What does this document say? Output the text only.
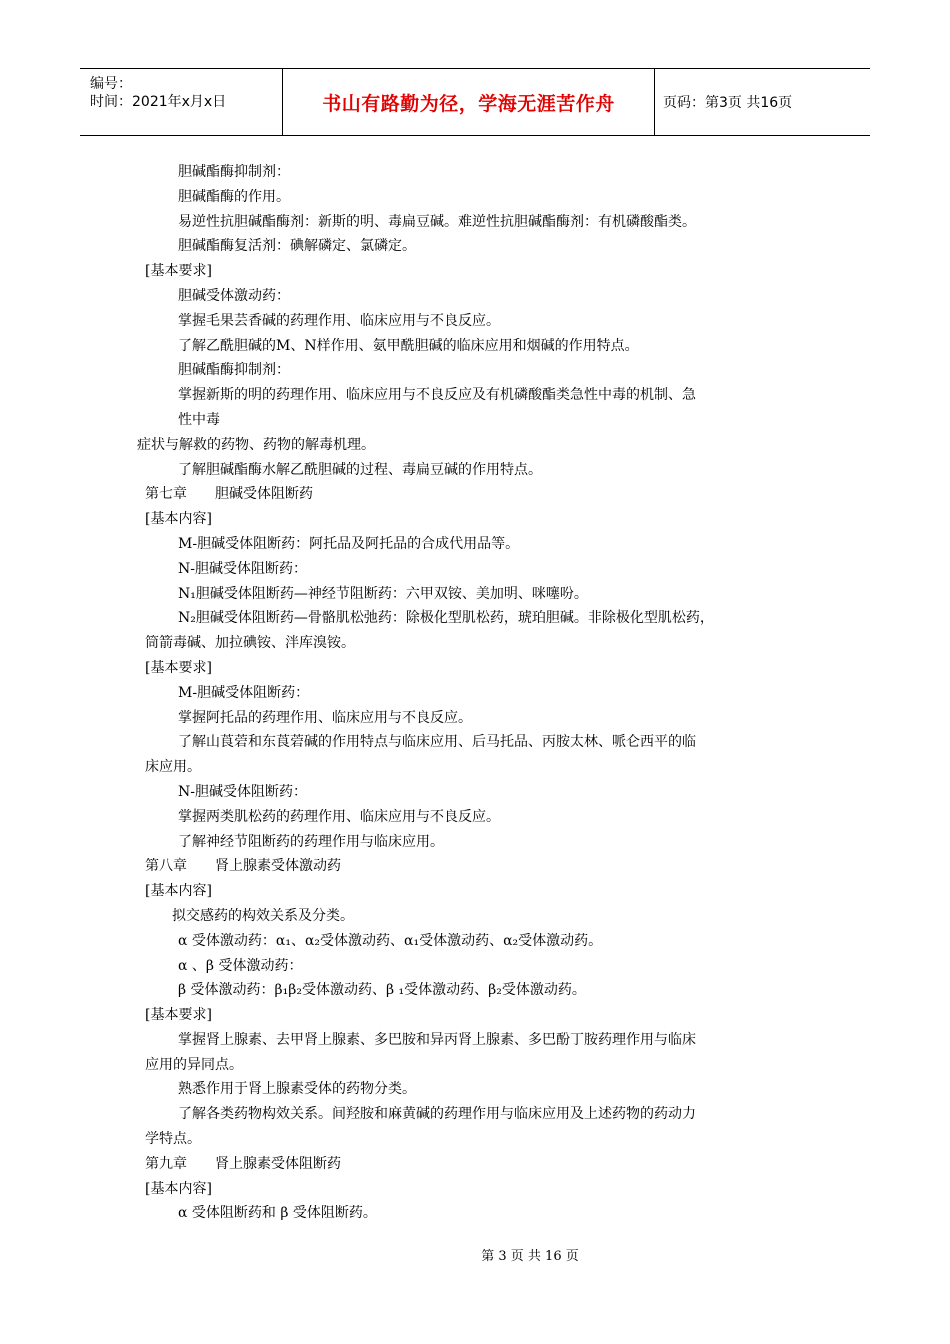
编号：
时间：2021年x月x日	书山有路勤为径，学海无涯苦作舟	页码：第3页 共16页
胆碱酯酶抑制剂：
胆碱酯酶的作用。
易逆性抗胆碱酯酶剂：新斯的明、毒扁豆碱。难逆性抗胆碱酯酶剂：有机磷酸酯类。
胆碱酯酶复活剂：碘解磷定、氯磷定。
[基本要求]
胆碱受体激动药：
掌握毛果芸香碱的药理作用、临床应用与不良反应。
了解乙酰胆碱的M、N样作用、氨甲酰胆碱的临床应用和烟碱的作用特点。
胆碱酯酶抑制剂：
掌握新斯的明的药理作用、临床应用与不良反应及有机磷酸酯类急性中毒的机制、急
性中毒
症状与解救的药物、药物的解毒机理。
了解胆碱酯酶水解乙酰胆碱的过程、毒扁豆碱的作用特点。
第七章 胆碱受体阻断药
[基本内容]
M-胆碱受体阻断药：阿托品及阿托品的合成代用品等。
N-胆碱受体阻断药：
N₁胆碱受体阻断药—神经节阻断药：六甲双铵、美加明、咪噻吩。
N₂胆碱受体阻断药—骨骼肌松弛药：除极化型肌松药，琥珀胆碱。非除极化型肌松药，
筒箭毒碱、加拉碘铵、泮库溴铵。
[基本要求]
M-胆碱受体阻断药：
掌握阿托品的药理作用、临床应用与不良反应。
了解山莨菪和东莨菪碱的作用特点与临床应用、后马托品、丙胺太林、哌仑西平的临
床应用。
N-胆碱受体阻断药：
掌握两类肌松药的药理作用、临床应用与不良反应。
了解神经节阻断药的药理作用与临床应用。
第八章 肾上腺素受体激动药
[基本内容]
拟交感药的构效关系及分类。
α 受体激动药：α₁、α₂受体激动药、α₁受体激动药、α₂受体激动药。
α 、β 受体激动药：
β 受体激动药：β₁β₂受体激动药、β ₁受体激动药、β₂受体激动药。
[基本要求]
掌握肾上腺素、去甲肾上腺素、多巴胺和异丙肾上腺素、多巴酚丁胺药理作用与临床
应用的异同点。
熟悉作用于肾上腺素受体的药物分类。
了解各类药物构效关系。间羟胺和麻黄碱的药理作用与临床应用及上述药物的药动力
学特点。
第九章 肾上腺素受体阻断药
[基本内容]
α 受体阻断药和 β 受体阻断药。
第 3 页 共 16 页
